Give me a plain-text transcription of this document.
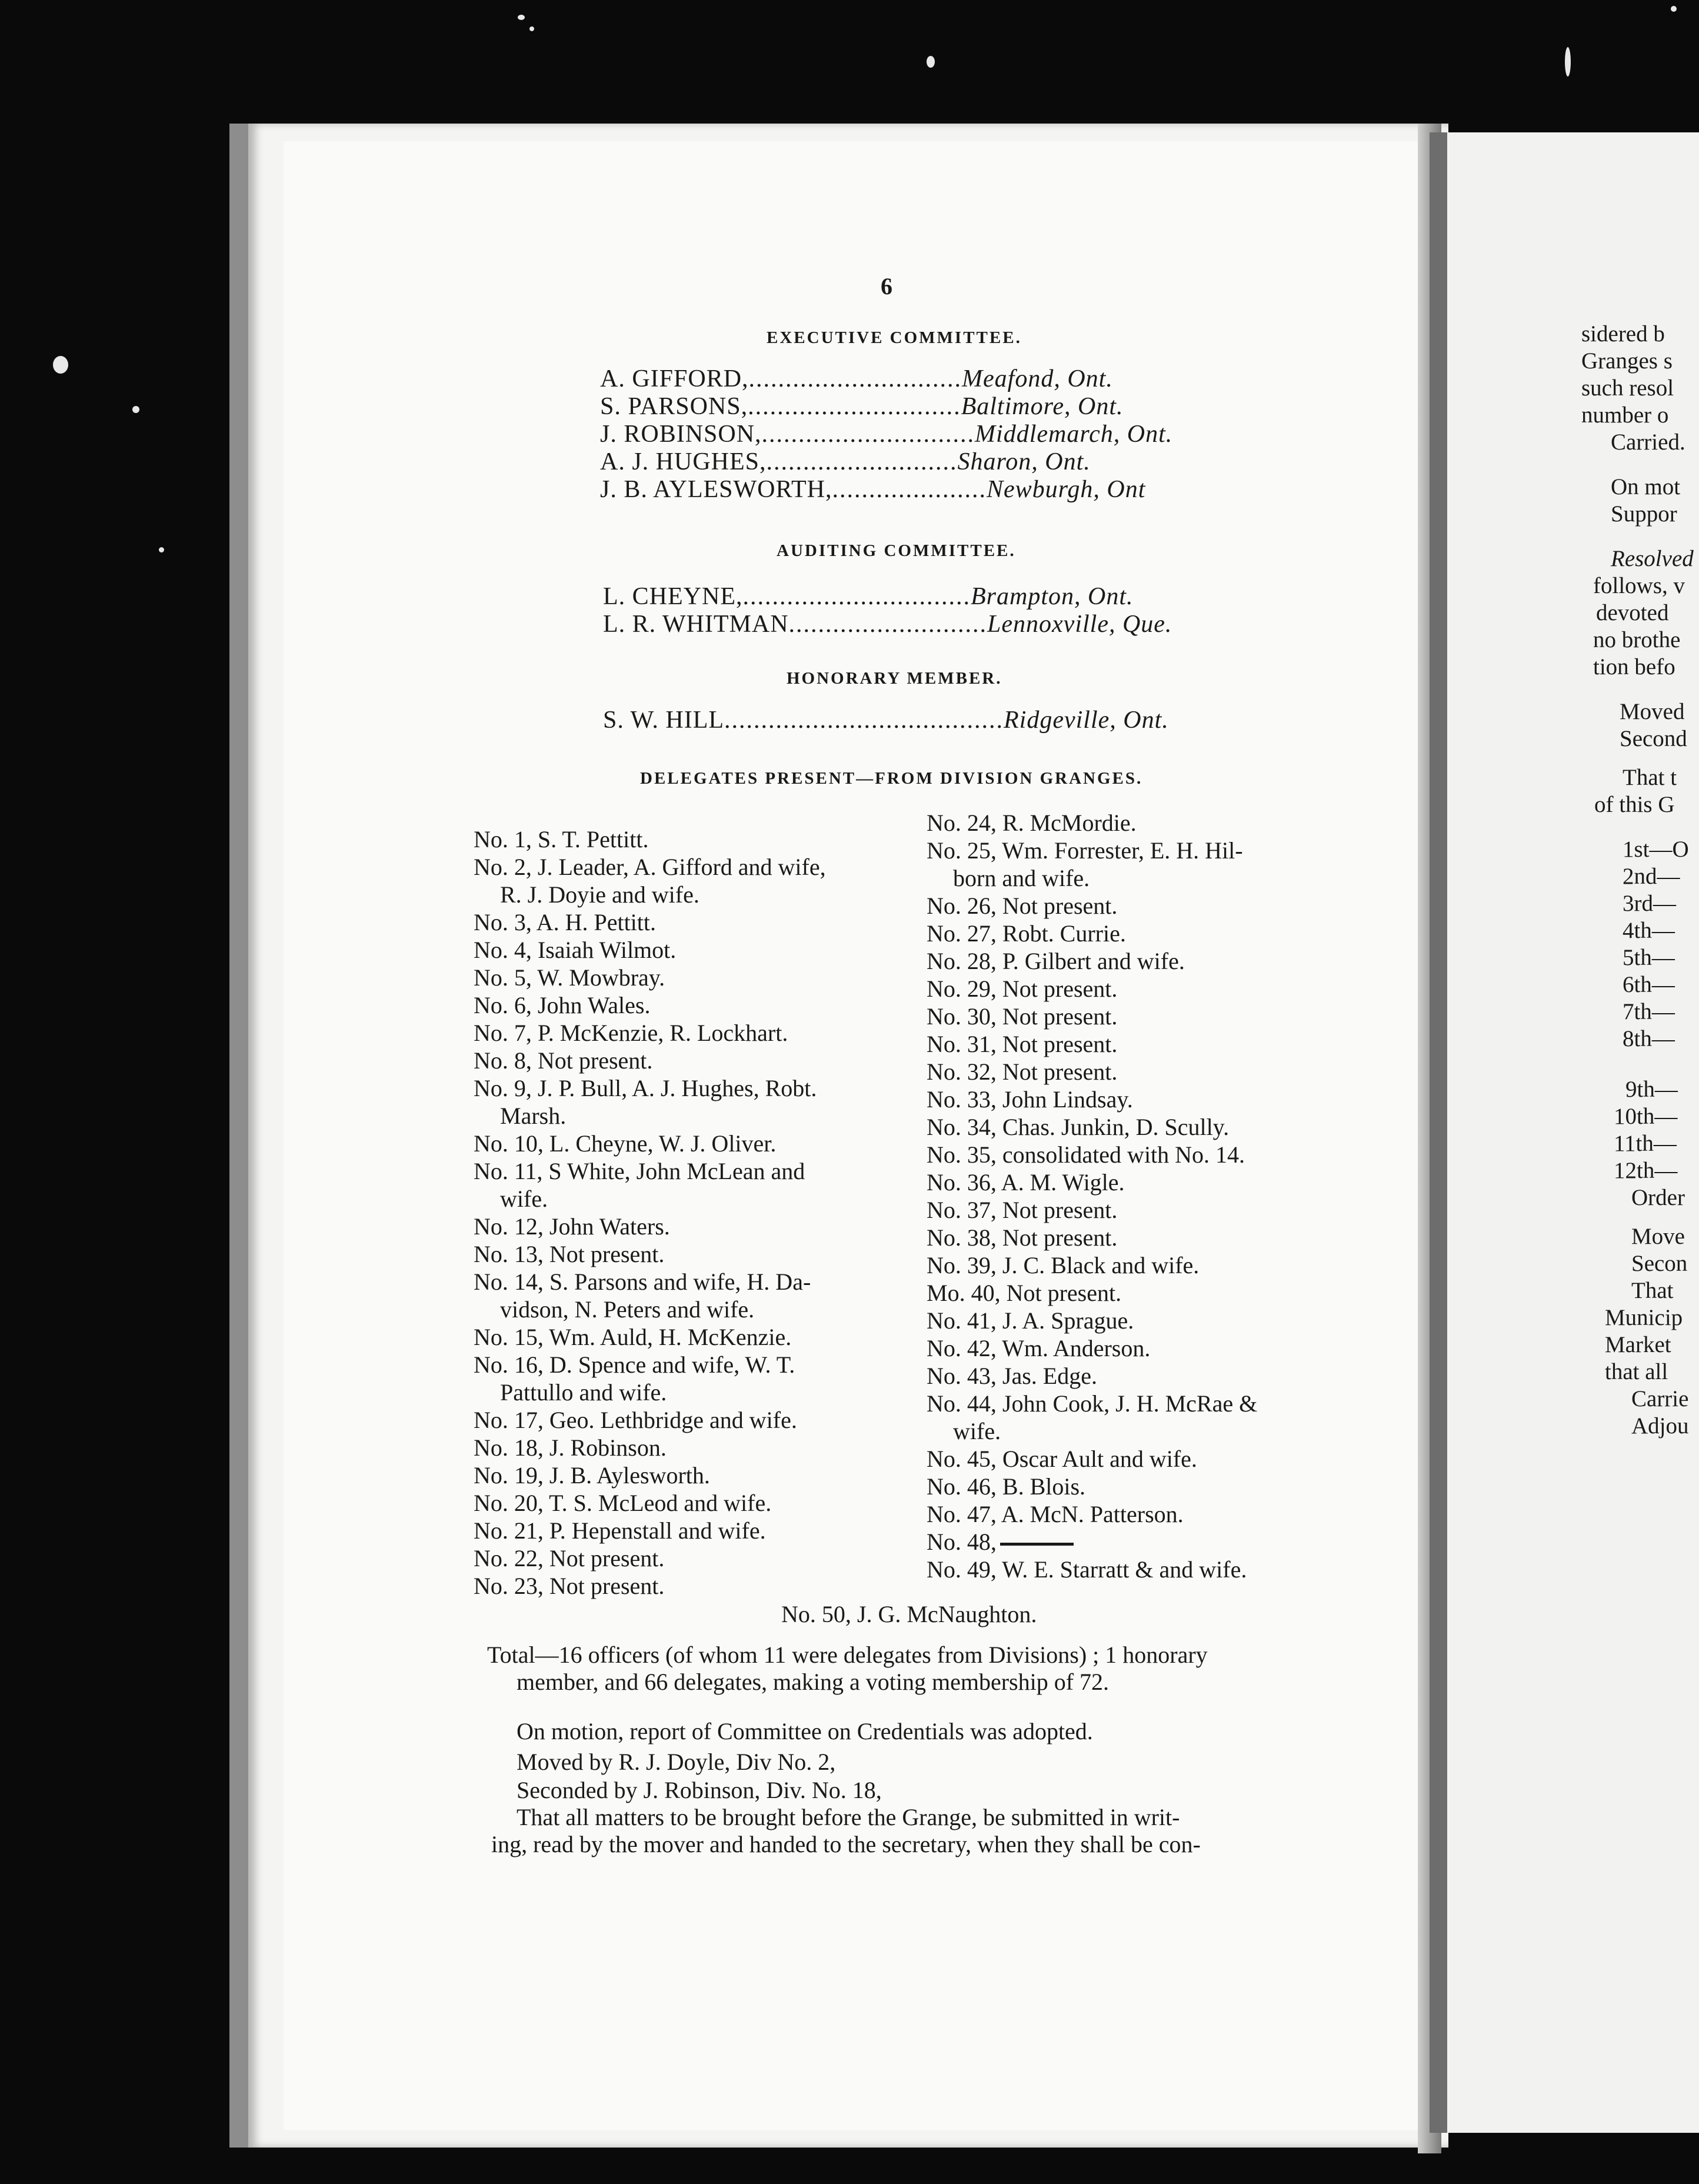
6
EXECUTIVE COMMITTEE.
A. GIFFORD,.............................Meafond, Ont.
S. PARSONS,.............................Baltimore, Ont.
J. ROBINSON,.............................Middlemarch, Ont.
A. J. HUGHES,..........................Sharon, Ont.
J. B. AYLESWORTH,.....................Newburgh, Ont
AUDITING COMMITTEE.
L. CHEYNE,...............................Brampton, Ont.
L. R. WHITMAN...........................Lennoxville, Que.
HONORARY MEMBER.
S. W. HILL......................................Ridgeville, Ont.
DELEGATES PRESENT—FROM DIVISION GRANGES.
No. 1, S. T. Pettitt.
No. 2, J. Leader, A. Gifford and wife,
R. J. Doyie and wife.
No. 3, A. H. Pettitt.
No. 4, Isaiah Wilmot.
No. 5, W. Mowbray.
No. 6, John Wales.
No. 7, P. McKenzie, R. Lockhart.
No. 8, Not present.
No. 9, J. P. Bull, A. J. Hughes, Robt.
Marsh.
No. 10, L. Cheyne, W. J. Oliver.
No. 11, S White, John McLean and
wife.
No. 12, John Waters.
No. 13, Not present.
No. 14, S. Parsons and wife, H. Da-
vidson, N. Peters and wife.
No. 15, Wm. Auld, H. McKenzie.
No. 16, D. Spence and wife, W. T.
Pattullo and wife.
No. 17, Geo. Lethbridge and wife.
No. 18, J. Robinson.
No. 19, J. B. Aylesworth.
No. 20, T. S. McLeod and wife.
No. 21, P. Hepenstall and wife.
No. 22, Not present.
No. 23, Not present.
No. 24, R. McMordie.
No. 25, Wm. Forrester, E. H. Hil-
born and wife.
No. 26, Not present.
No. 27, Robt. Currie.
No. 28, P. Gilbert and wife.
No. 29, Not present.
No. 30, Not present.
No. 31, Not present.
No. 32, Not present.
No. 33, John Lindsay.
No. 34, Chas. Junkin, D. Scully.
No. 35, consolidated with No. 14.
No. 36, A. M. Wigle.
No. 37, Not present.
No. 38, Not present.
No. 39, J. C. Black and wife.
Mo. 40, Not present.
No. 41, J. A. Sprague.
No. 42, Wm. Anderson.
No. 43, Jas. Edge.
No. 44, John Cook, J. H. McRae &
wife.
No. 45, Oscar Ault and wife.
No. 46, B. Blois.
No. 47, A. McN. Patterson.
No. 48,
No. 49, W. E. Starratt & and wife.
No. 50, J. G. McNaughton.
Total—16 officers (of whom 11 were delegates from Divisions) ; 1 honorary
member, and 66 delegates, making a voting membership of 72.
On motion, report of Committee on Credentials was adopted.
Moved by R. J. Doyle, Div No. 2,
Seconded by J. Robinson, Div. No. 18,
That all matters to be brought before the Grange, be submitted in writ-
ing, read by the mover and handed to the secretary, when they shall be con-
sidered b
Granges s
such resol
number o
Carried.
On mot
Suppor
Resolved
follows, v
devoted
no brothe
tion befo
Moved
Second
That t
of this G
1st—O
2nd—
3rd—
4th—
5th—
6th—
7th—
8th—
9th—
10th—
11th—
12th—
Order
Move
Secon
That
Municip
Market
that all
Carrie
Adjou
